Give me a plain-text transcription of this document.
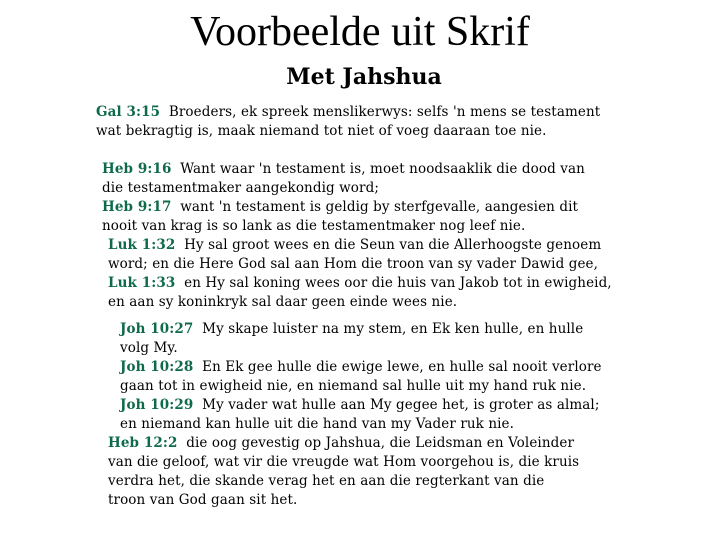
Voorbeelde uit Skrif
Met Jahshua
Gal 3:15  Broeders, ek spreek menslikerwys: selfs 'n mens se testament
wat bekragtig is, maak niemand tot niet of voeg daaraan toe nie.
Heb 9:16  Want waar 'n testament is, moet noodsaaklik die dood van
die testamentmaker aangekondig word;
Heb 9:17  want 'n testament is geldig by sterfgevalle, aangesien dit
nooit van krag is so lank as die testamentmaker nog leef nie.
Luk 1:32  Hy sal groot wees en die Seun van die Allerhoogste genoem
word; en die Here God sal aan Hom die troon van sy vader Dawid gee,
Luk 1:33  en Hy sal koning wees oor die huis van Jakob tot in ewigheid,
en aan sy koninkryk sal daar geen einde wees nie.
Joh 10:27  My skape luister na my stem, en Ek ken hulle, en hulle
volg My.
Joh 10:28  En Ek gee hulle die ewige lewe, en hulle sal nooit verlore
gaan tot in ewigheid nie, en niemand sal hulle uit my hand ruk nie.
Joh 10:29  My vader wat hulle aan My gegee het, is groter as almal;
en niemand kan hulle uit die hand van my Vader ruk nie.
Heb 12:2  die oog gevestig op Jahshua, die Leidsman en Voleinder
van die geloof, wat vir die vreugde wat Hom voorgehou is, die kruis
verdra het, die skande verag het en aan die regterkant van die
troon van God gaan sit het.
